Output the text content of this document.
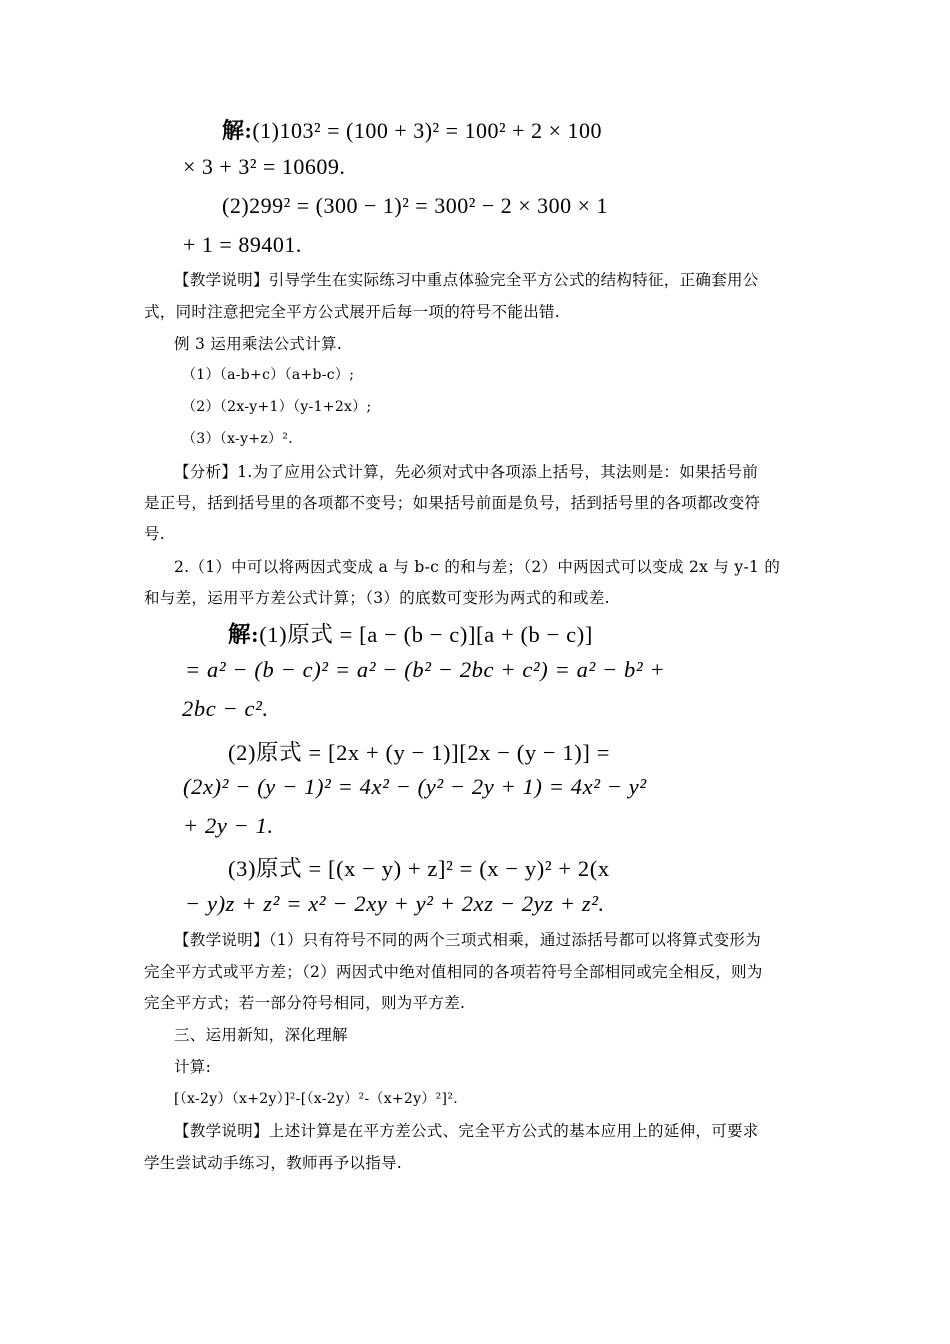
解:(1)103² = (100 + 3)² = 100² + 2 × 100
× 3 + 3² = 10609.
(2)299² = (300 − 1)² = 300² − 2 × 300 × 1
+ 1 = 89401.
【教学说明】引导学生在实际练习中重点体验完全平方公式的结构特征，正确套用公
式，同时注意把完全平方公式展开后每一项的符号不能出错.
例 3 运用乘法公式计算.
（1）（a-b+c）（a+b-c）;
（2）（2x-y+1）（y-1+2x）;
（3）（x-y+z）².
【分析】1.为了应用公式计算，先必须对式中各项添上括号，其法则是：如果括号前
是正号，括到括号里的各项都不变号；如果括号前面是负号，括到括号里的各项都改变符
号.
2.（1）中可以将两因式变成 a 与 b-c 的和与差；（2）中两因式可以变成 2x 与 y-1 的
和与差，运用平方差公式计算；（3）的底数可变形为两式的和或差.
解:(1)原式 = [a − (b − c)][a + (b − c)]
= a² − (b − c)² = a² − (b² − 2bc + c²) = a² − b² +
2bc − c².
(2)原式 = [2x + (y − 1)][2x − (y − 1)] =
(2x)² − (y − 1)² = 4x² − (y² − 2y + 1) = 4x² − y²
+ 2y − 1.
(3)原式 = [(x − y) + z]² = (x − y)² + 2(x
− y)z + z² = x² − 2xy + y² + 2xz − 2yz + z².
【教学说明】（1）只有符号不同的两个三项式相乘，通过添括号都可以将算式变形为
完全平方式或平方差；（2）两因式中绝对值相同的各项若符号全部相同或完全相反，则为
完全平方式；若一部分符号相同，则为平方差.
三、运用新知，深化理解
计算:
[（x-2y）（x+2y）]²-[（x-2y）²-（x+2y）²]².
【教学说明】上述计算是在平方差公式、完全平方公式的基本应用上的延伸，可要求
学生尝试动手练习，教师再予以指导.
